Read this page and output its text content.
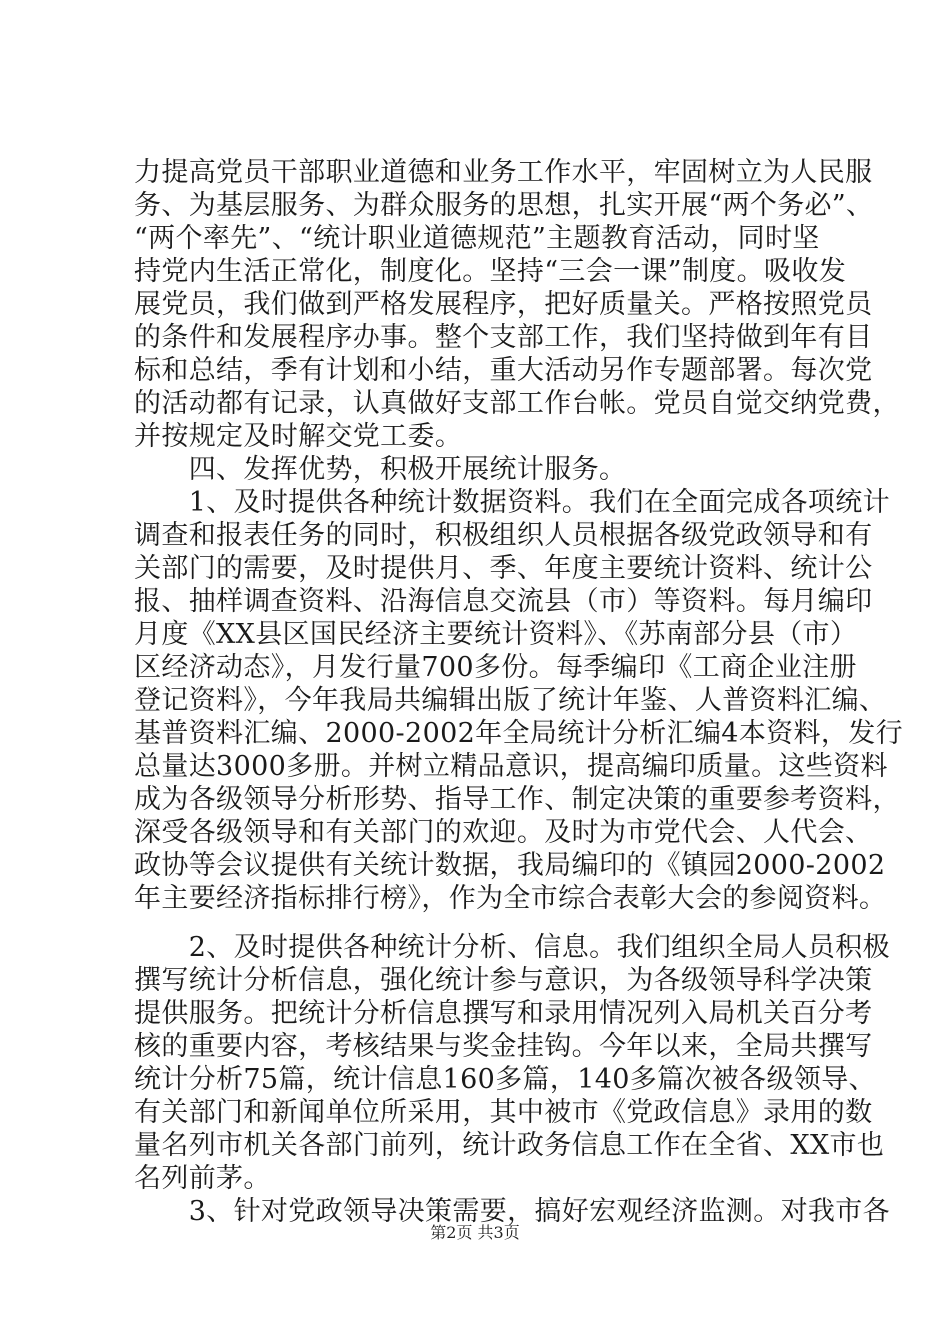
力提高党员干部职业道德和业务工作水平，牢固树立为人民服
务、为基层服务、为群众服务的思想，扎实开展“两个务必”、
“两个率先”、“统计职业道德规范”主题教育活动，同时坚
持党内生活正常化，制度化。坚持“三会一课”制度。吸收发
展党员，我们做到严格发展程序，把好质量关。严格按照党员
的条件和发展程序办事。整个支部工作，我们坚持做到年有目
标和总结，季有计划和小结，重大活动另作专题部署。每次党
的活动都有记录，认真做好支部工作台帐。党员自觉交纳党费，
并按规定及时解交党工委。
　　四、发挥优势，积极开展统计服务。
　　1、及时提供各种统计数据资料。我们在全面完成各项统计
调查和报表任务的同时，积极组织人员根据各级党政领导和有
关部门的需要，及时提供月、季、年度主要统计资料、统计公
报、抽样调查资料、沿海信息交流县（市）等资料。每月编印
月度《XX县区国民经济主要统计资料》、《苏南部分县（市）
区经济动态》，月发行量700多份。每季编印《工商企业注册
登记资料》，今年我局共编辑出版了统计年鉴、人普资料汇编、
基普资料汇编、2000-2002年全局统计分析汇编4本资料，发行
总量达3000多册。并树立精品意识，提高编印质量。这些资料
成为各级领导分析形势、指导工作、制定决策的重要参考资料，
深受各级领导和有关部门的欢迎。及时为市党代会、人代会、
政协等会议提供有关统计数据，我局编印的《镇园2000-2002
年主要经济指标排行榜》，作为全市综合表彰大会的参阅资料。
　　2、及时提供各种统计分析、信息。我们组织全局人员积极
撰写统计分析信息，强化统计参与意识，为各级领导科学决策
提供服务。把统计分析信息撰写和录用情况列入局机关百分考
核的重要内容，考核结果与奖金挂钩。今年以来，全局共撰写
统计分析75篇，统计信息160多篇，140多篇次被各级领导、
有关部门和新闻单位所采用，其中被市《党政信息》录用的数
量名列市机关各部门前列，统计政务信息工作在全省、XX市也
名列前茅。
　　3、针对党政领导决策需要，搞好宏观经济监测。对我市各
第2页 共3页
